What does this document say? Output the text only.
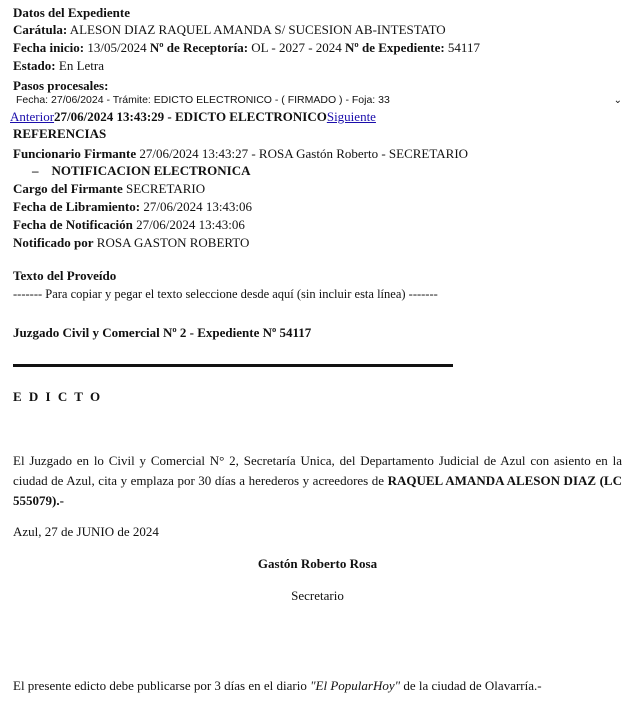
Datos del Expediente
Carátula: ALESON DIAZ RAQUEL AMANDA S/ SUCESION AB-INTESTATO
Fecha inicio: 13/05/2024 Nº de Receptoría: OL - 2027 - 2024 Nº de Expediente: 54117
Estado: En Letra
Pasos procesales:
Fecha: 27/06/2024 - Trámite: EDICTO ELECTRONICO - ( FIRMADO ) - Foja: 33	⌄
Anterior27/06/2024 13:43:29 - EDICTO ELECTRONICOSiguiente
REFERENCIAS
Funcionario Firmante 27/06/2024 13:43:27 - ROSA Gastón Roberto - SECRETARIO
– NOTIFICACION ELECTRONICA
Cargo del Firmante SECRETARIO
Fecha de Libramiento: 27/06/2024 13:43:06
Fecha de Notificación 27/06/2024 13:43:06
Notificado por ROSA GASTON ROBERTO
Texto del Proveído
------- Para copiar y pegar el texto seleccione desde aquí (sin incluir esta línea) -------
Juzgado Civil y Comercial Nº 2 - Expediente Nº 54117
E D I C T O
El Juzgado en lo Civil y Comercial N° 2, Secretaría Unica, del Departamento Judicial de Azul con asiento en la ciudad de Azul, cita y emplaza por 30 días a herederos y acreedores de RAQUEL AMANDA ALESON DIAZ (LC 555079).-
Azul, 27 de JUNIO de 2024
Gastón Roberto Rosa
Secretario
El presente edicto debe publicarse por 3 días en el diario "El PopularHoy" de la ciudad de Olavarría.-
